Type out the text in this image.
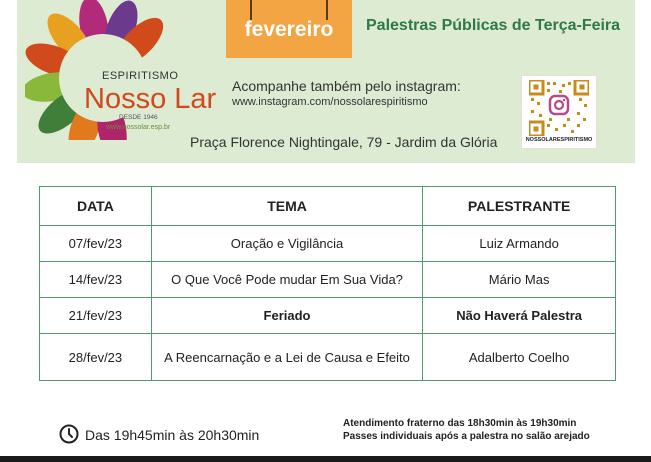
ESPIRITISMO
Nosso Lar
DESDE 1946
www.nossolar.esp.br
fevereiro	Palestras Públicas de Terça-Feira
Acompanhe também pelo instagram:
www.instagram.com/nossolarespiritismo
NOSSOLARESPIRITISMO
Praça Florence Nightingale, 79 - Jardim da Glória
DATA	TEMA	PALESTRANTE
07/fev/23	Oração e Vigilância	Luiz Armando
14/fev/23	O Que Você Pode mudar Em Sua Vida?	Mário Mas
21/fev/23	Feriado	Não Haverá Palestra
28/fev/23	A Reencarnação e a Lei de Causa e Efeito	Adalberto Coelho
Das 19h45min às 20h30min
Atendimento fraterno das 18h30min às 19h30min
Passes individuais após a palestra no salão arejado
